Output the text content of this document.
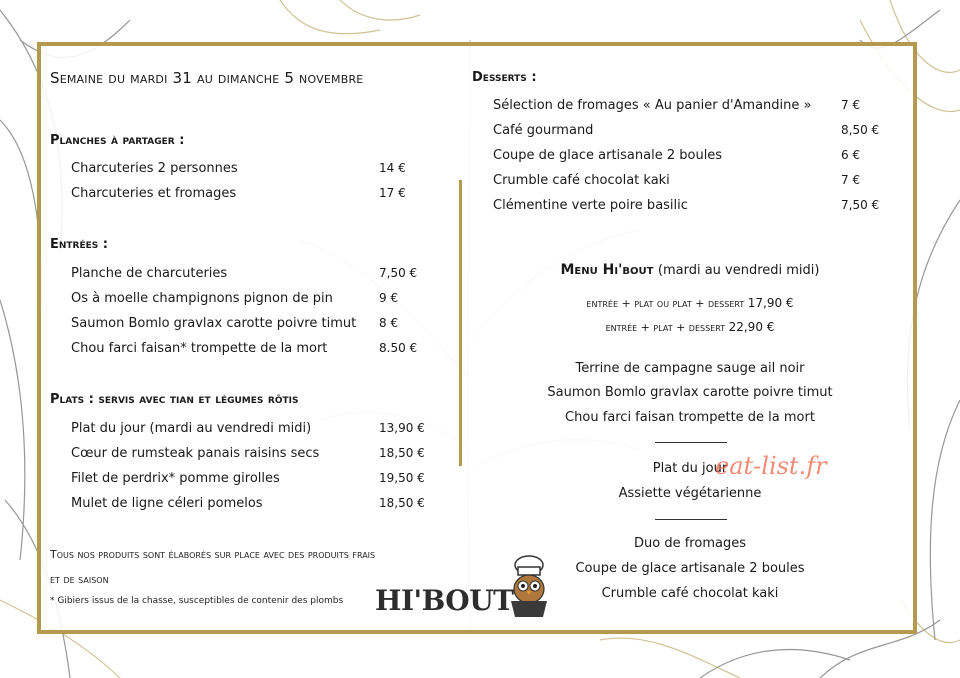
Semaine du mardi 31 au dimanche 5 novembre
Planches à partager :
Charcuteries 2 personnes	14 €
Charcuteries et fromages	17 €
Entrées :
Planche de charcuteries	7,50 €
Os à moelle champignons pignon de pin	9 €
Saumon Bomlo gravlax carotte poivre timut 8 €
Chou farci faisan* trompette de la mort	8.50 €
Plats : servis avec tian et légumes rôtis
Plat du jour (mardi au vendredi midi)	13,90 €
Cœur de rumsteak panais raisins secs	18,50 €
Filet de perdrix* pomme girolles	19,50 €
Mulet de ligne céleri pomelos	18,50 €
Tous nos produits sont élaborés sur place avec des produits frais
et de saison
* Gibiers issus de la chasse, susceptibles de contenir des plombs HI'BOUT
Desserts :
Sélection de fromages « Au panier d'Amandine » 7 €
Café gourmand	8,50 €
Coupe de glace artisanale 2 boules	6 €
Crumble café chocolat kaki	7 €
Clémentine verte poire basilic	7,50 €
Menu Hi'bout (mardi au vendredi midi)
entrée + plat ou plat + dessert 17,90 €
entrée + plat + dessert 22,90 €
Terrine de campagne sauge ail noir
Saumon Bomlo gravlax carotte poivre timut
Chou farci faisan trompette de la mort
Plat du jour
Assiette végétarienne
Duo de fromages
Coupe de glace artisanale 2 boules
Crumble café chocolat kaki
eat-list.fr
